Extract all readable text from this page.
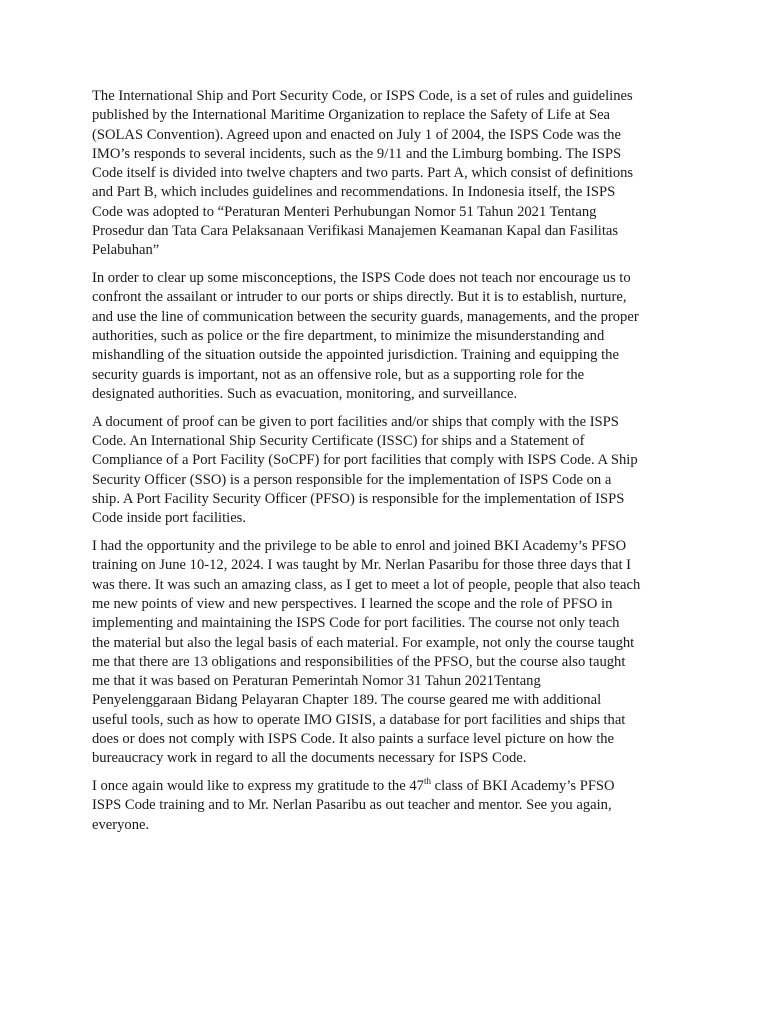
The International Ship and Port Security Code, or ISPS Code, is a set of rules and guidelines
published by the International Maritime Organization to replace the Safety of Life at Sea
(SOLAS Convention). Agreed upon and enacted on July 1 of 2004, the ISPS Code was the
IMO’s responds to several incidents, such as the 9/11 and the Limburg bombing. The ISPS
Code itself is divided into twelve chapters and two parts. Part A, which consist of definitions
and Part B, which includes guidelines and recommendations. In Indonesia itself, the ISPS
Code was adopted to “Peraturan Menteri Perhubungan Nomor 51 Tahun 2021 Tentang
Prosedur dan Tata Cara Pelaksanaan Verifikasi Manajemen Keamanan Kapal dan Fasilitas
Pelabuhan”

In order to clear up some misconceptions, the ISPS Code does not teach nor encourage us to
confront the assailant or intruder to our ports or ships directly. But it is to establish, nurture,
and use the line of communication between the security guards, managements, and the proper
authorities, such as police or the fire department, to minimize the misunderstanding and
mishandling of the situation outside the appointed jurisdiction. Training and equipping the
security guards is important, not as an offensive role, but as a supporting role for the
designated authorities. Such as evacuation, monitoring, and surveillance.

A document of proof can be given to port facilities and/or ships that comply with the ISPS
Code. An International Ship Security Certificate (ISSC) for ships and a Statement of
Compliance of a Port Facility (SoCPF) for port facilities that comply with ISPS Code. A Ship
Security Officer (SSO) is a person responsible for the implementation of ISPS Code on a
ship. A Port Facility Security Officer (PFSO) is responsible for the implementation of ISPS
Code inside port facilities.

I had the opportunity and the privilege to be able to enrol and joined BKI Academy’s PFSO
training on June 10-12, 2024. I was taught by Mr. Nerlan Pasaribu for those three days that I
was there. It was such an amazing class, as I get to meet a lot of people, people that also teach
me new points of view and new perspectives. I learned the scope and the role of PFSO in
implementing and maintaining the ISPS Code for port facilities. The course not only teach
the material but also the legal basis of each material. For example, not only the course taught
me that there are 13 obligations and responsibilities of the PFSO, but the course also taught
me that it was based on Peraturan Pemerintah Nomor 31 Tahun 2021Tentang
Penyelenggaraan Bidang Pelayaran Chapter 189. The course geared me with additional
useful tools, such as how to operate IMO GISIS, a database for port facilities and ships that
does or does not comply with ISPS Code. It also paints a surface level picture on how the
bureaucracy work in regard to all the documents necessary for ISPS Code.

I once again would like to express my gratitude to the 47th class of BKI Academy’s PFSO
ISPS Code training and to Mr. Nerlan Pasaribu as out teacher and mentor. See you again,
everyone.
